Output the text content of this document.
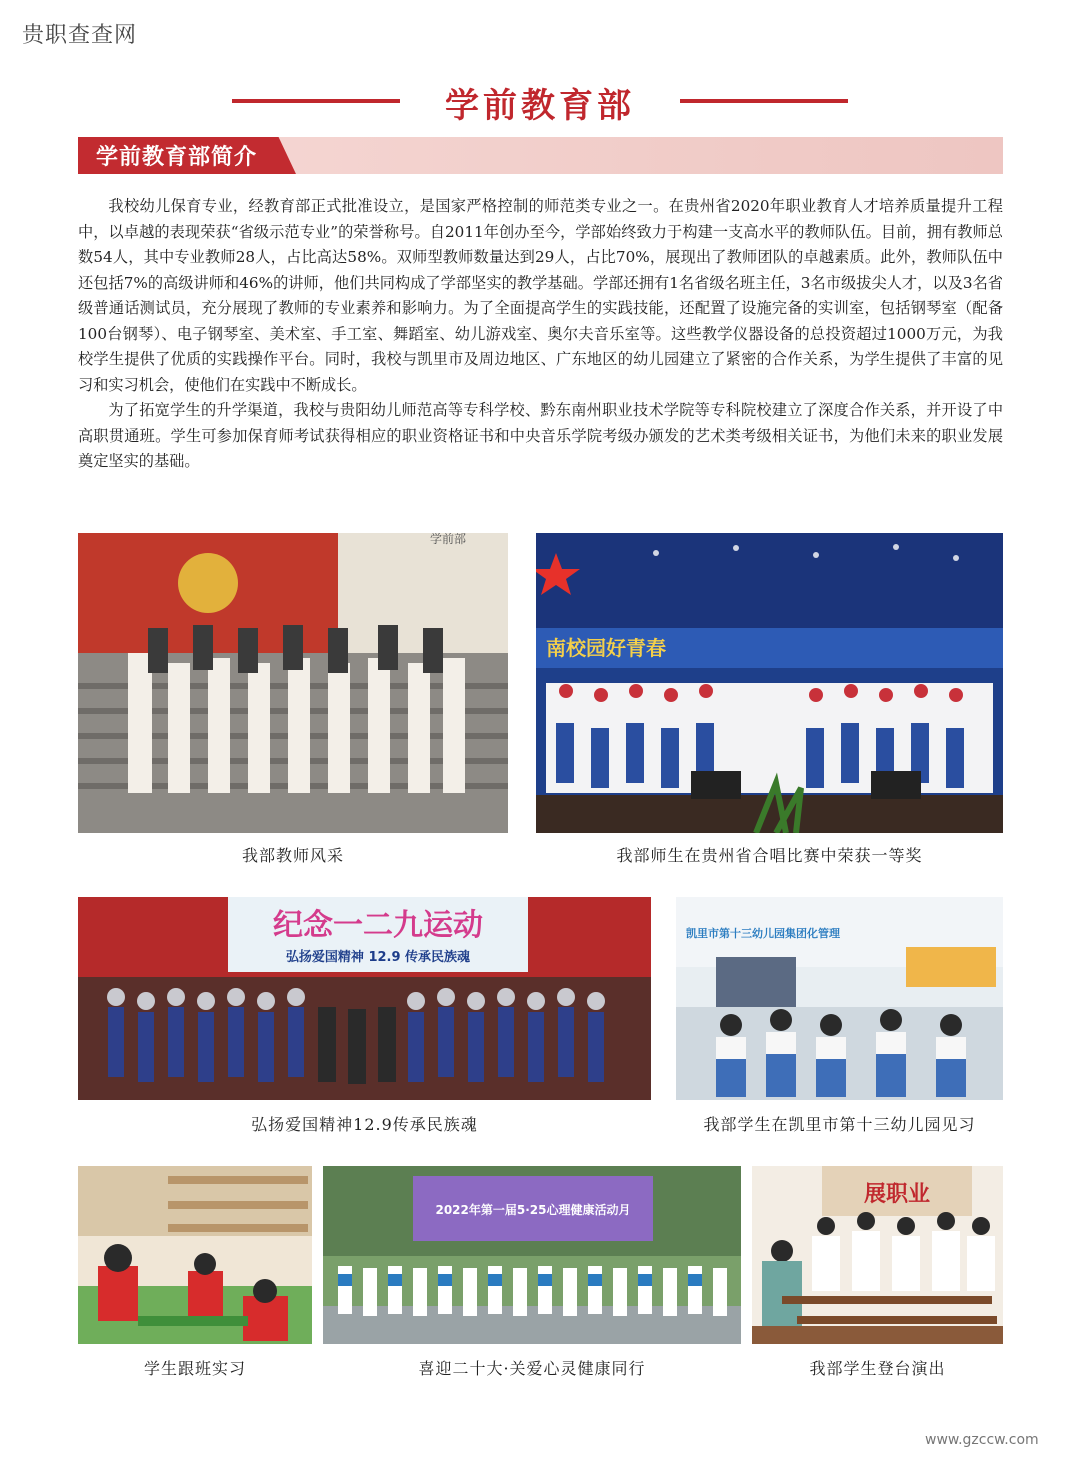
贵职查查网
学前教育部
学前教育部简介

我校幼儿保育专业，经教育部正式批准设立，是国家严格控制的师范类专业之一。在贵州省2020年职业教育人才培养质量提升工程中，以卓越的表现荣获“省级示范专业”的荣誉称号。自2011年创办至今，学部始终致力于构建一支高水平的教师队伍。目前，拥有教师总数54人，其中专业教师28人，占比高达58%。双师型教师数量达到29人，占比70%，展现出了教师团队的卓越素质。此外，教师队伍中还包括7%的高级讲师和46%的讲师，他们共同构成了学部坚实的教学基础。学部还拥有1名省级名班主任，3名市级拔尖人才，以及3名省级普通话测试员，充分展现了教师的专业素养和影响力。为了全面提高学生的实践技能，还配置了设施完备的实训室，包括钢琴室（配备100台钢琴）、电子钢琴室、美术室、手工室、舞蹈室、幼儿游戏室、奥尔夫音乐室等。这些教学仪器设备的总投资超过1000万元，为我校学生提供了优质的实践操作平台。同时，我校与凯里市及周边地区、广东地区的幼儿园建立了紧密的合作关系，为学生提供了丰富的见习和实习机会，使他们在实践中不断成长。

为了拓宽学生的升学渠道，我校与贵阳幼儿师范高等专科学校、黔东南州职业技术学院等专科院校建立了深度合作关系，并开设了中高职贯通班。学生可参加保育师考试获得相应的职业资格证书和中央音乐学院考级办颁发的艺术类考级相关证书，为他们未来的职业发展奠定坚实的基础。

学前部
我部教师风采
南校园好青春
我部师生在贵州省合唱比赛中荣获一等奖
纪念一二九运动
弘扬爱国精神 12.9 传承民族魂
弘扬爱国精神12.9传承民族魂
凯里市第十三幼儿园集团化管理
我部学生在凯里市第十三幼儿园见习
学生跟班实习
2022年第一届5·25心理健康活动月
喜迎二十大·关爱心灵健康同行
展职业
我部学生登台演出
www.gzccw.com
